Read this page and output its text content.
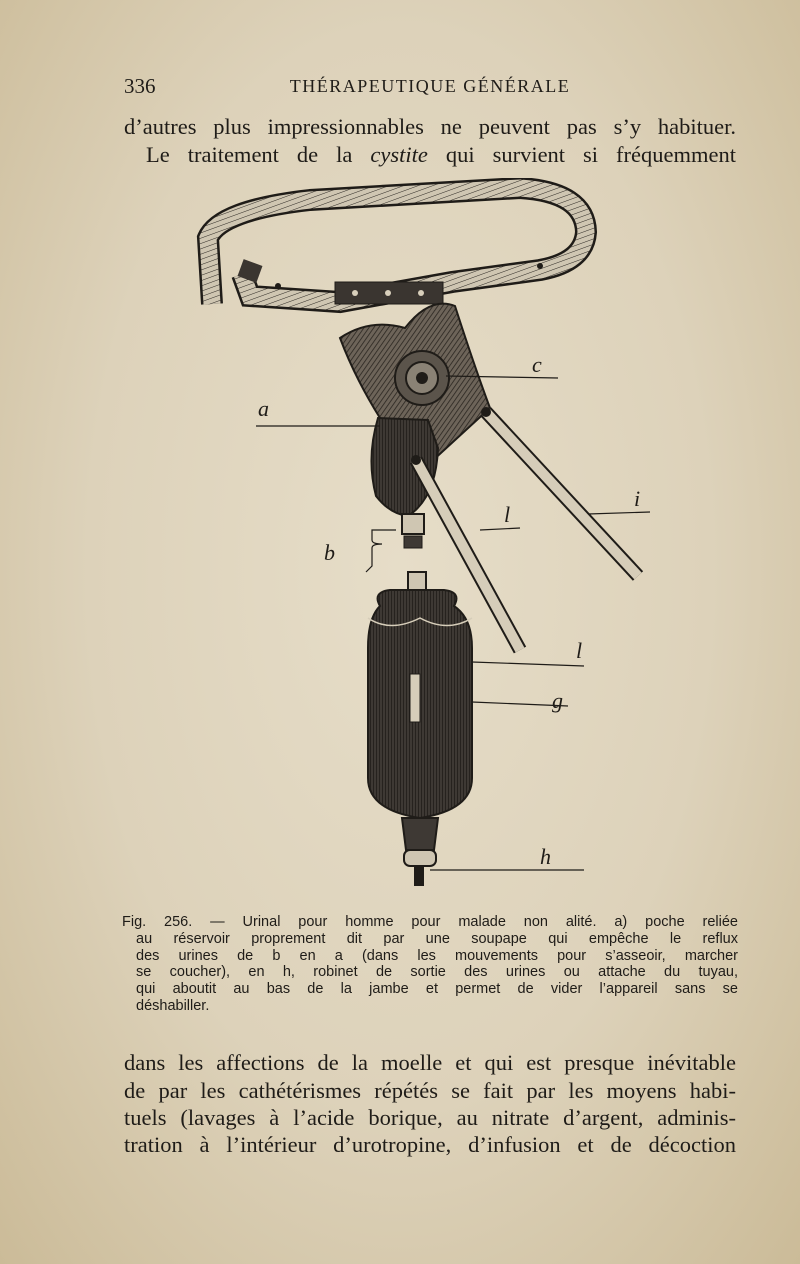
336	THÉRAPEUTIQUE GÉNÉRALE
d’autres plus impressionnables ne peuvent pas s’y habituer.
Le traitement de la cystite qui survient si fréquemment
a
c
i
l
b
l
g
h
Fig. 256. — Urinal pour homme pour malade non alité. a) poche reliée
au réservoir proprement dit par une soupape qui empêche le reflux
des urines de b en a (dans les mouvements pour s’asseoir, marcher
se coucher), en h, robinet de sortie des urines ou attache du tuyau,
qui aboutit au bas de la jambe et permet de vider l’appareil sans se
déshabiller.
dans les affections de la moelle et qui est presque inévitable
de par les cathétérismes répétés se fait par les moyens habi-
tuels (lavages à l’acide borique, au nitrate d’argent, adminis-
tration à l’intérieur d’urotropine, d’infusion et de décoction
